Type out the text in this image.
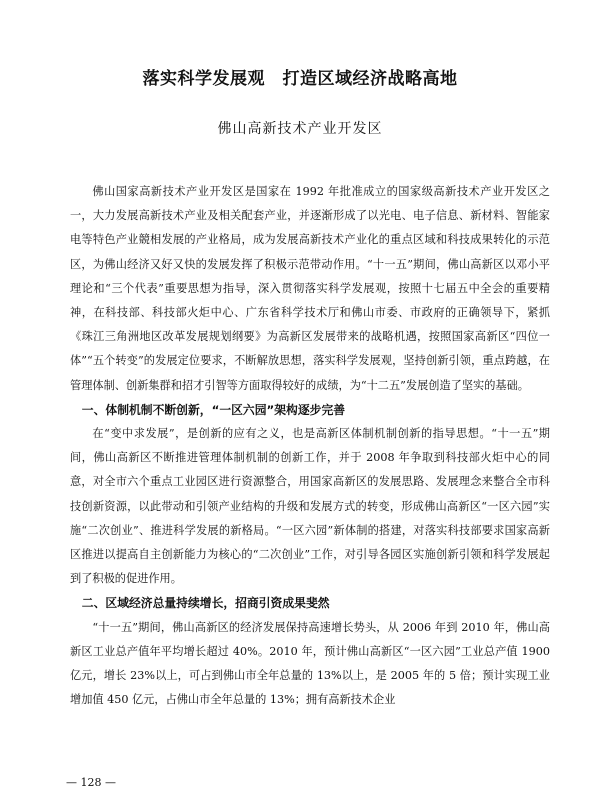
落实科学发展观　打造区域经济战略高地
佛山高新技术产业开发区

佛山国家高新技术产业开发区是国家在 1992 年批准成立的国家级高新技术产业开发区之一，大力发展高新技术产业及相关配套产业，并逐渐形成了以光电、电子信息、新材料、智能家电等特色产业競相发展的产业格局，成为发展高新技术产业化的重点区域和科技成果转化的示范区，为佛山经济又好又快的发展发挥了积极示范带动作用。“十一五”期间，佛山高新区以邓小平理论和“三个代表”重要思想为指导，深入贯彻落实科学发展观，按照十七届五中全会的重要精神，在科技部、科技部火炬中心、广东省科学技术厅和佛山市委、市政府的正确领导下，紧抓《珠江三角洲地区改革发展规划纲要》为高新区发展带来的战略机遇，按照国家高新区“四位一体”“五个转变”的发展定位要求，不断解放思想，落实科学发展观，坚持创新引领，重点跨越，在管理体制、创新集群和招才引智等方面取得较好的成绩，为“十二五”发展创造了坚实的基础。

一、体制机制不断创新，“一区六园”架构逐步完善

在“变中求发展”，是创新的应有之义，也是高新区体制机制创新的指导思想。“十一五”期间，佛山高新区不断推进管理体制机制的创新工作，并于 2008 年争取到科技部火炬中心的同意，对全市六个重点工业园区进行资源整合，用国家高新区的发展思路、发展理念来整合全市科技创新资源，以此带动和引领产业结构的升级和发展方式的转变，形成佛山高新区“一区六园”实施“二次创业”、推进科学发展的新格局。“一区六园”新体制的搭建，对落实科技部要求国家高新区推进以提高自主创新能力为核心的“二次创业”工作，对引导各园区实施创新引领和科学发展起到了积极的促进作用。

二、区域经济总量持续增长，招商引资成果斐然

“十一五”期间，佛山高新区的经济发展保持高速增长势头，从 2006 年到 2010 年，佛山高新区工业总产值年平均增长超过 40%。2010 年，预计佛山高新区“一区六园”工业总产值 1900 亿元，增长 23%以上，可占到佛山市全年总量的 13%以上，是 2005 年的 5 倍；预计实现工业增加值 450 亿元，占佛山市全年总量的 13%；拥有高新技术企业

— 128 —
